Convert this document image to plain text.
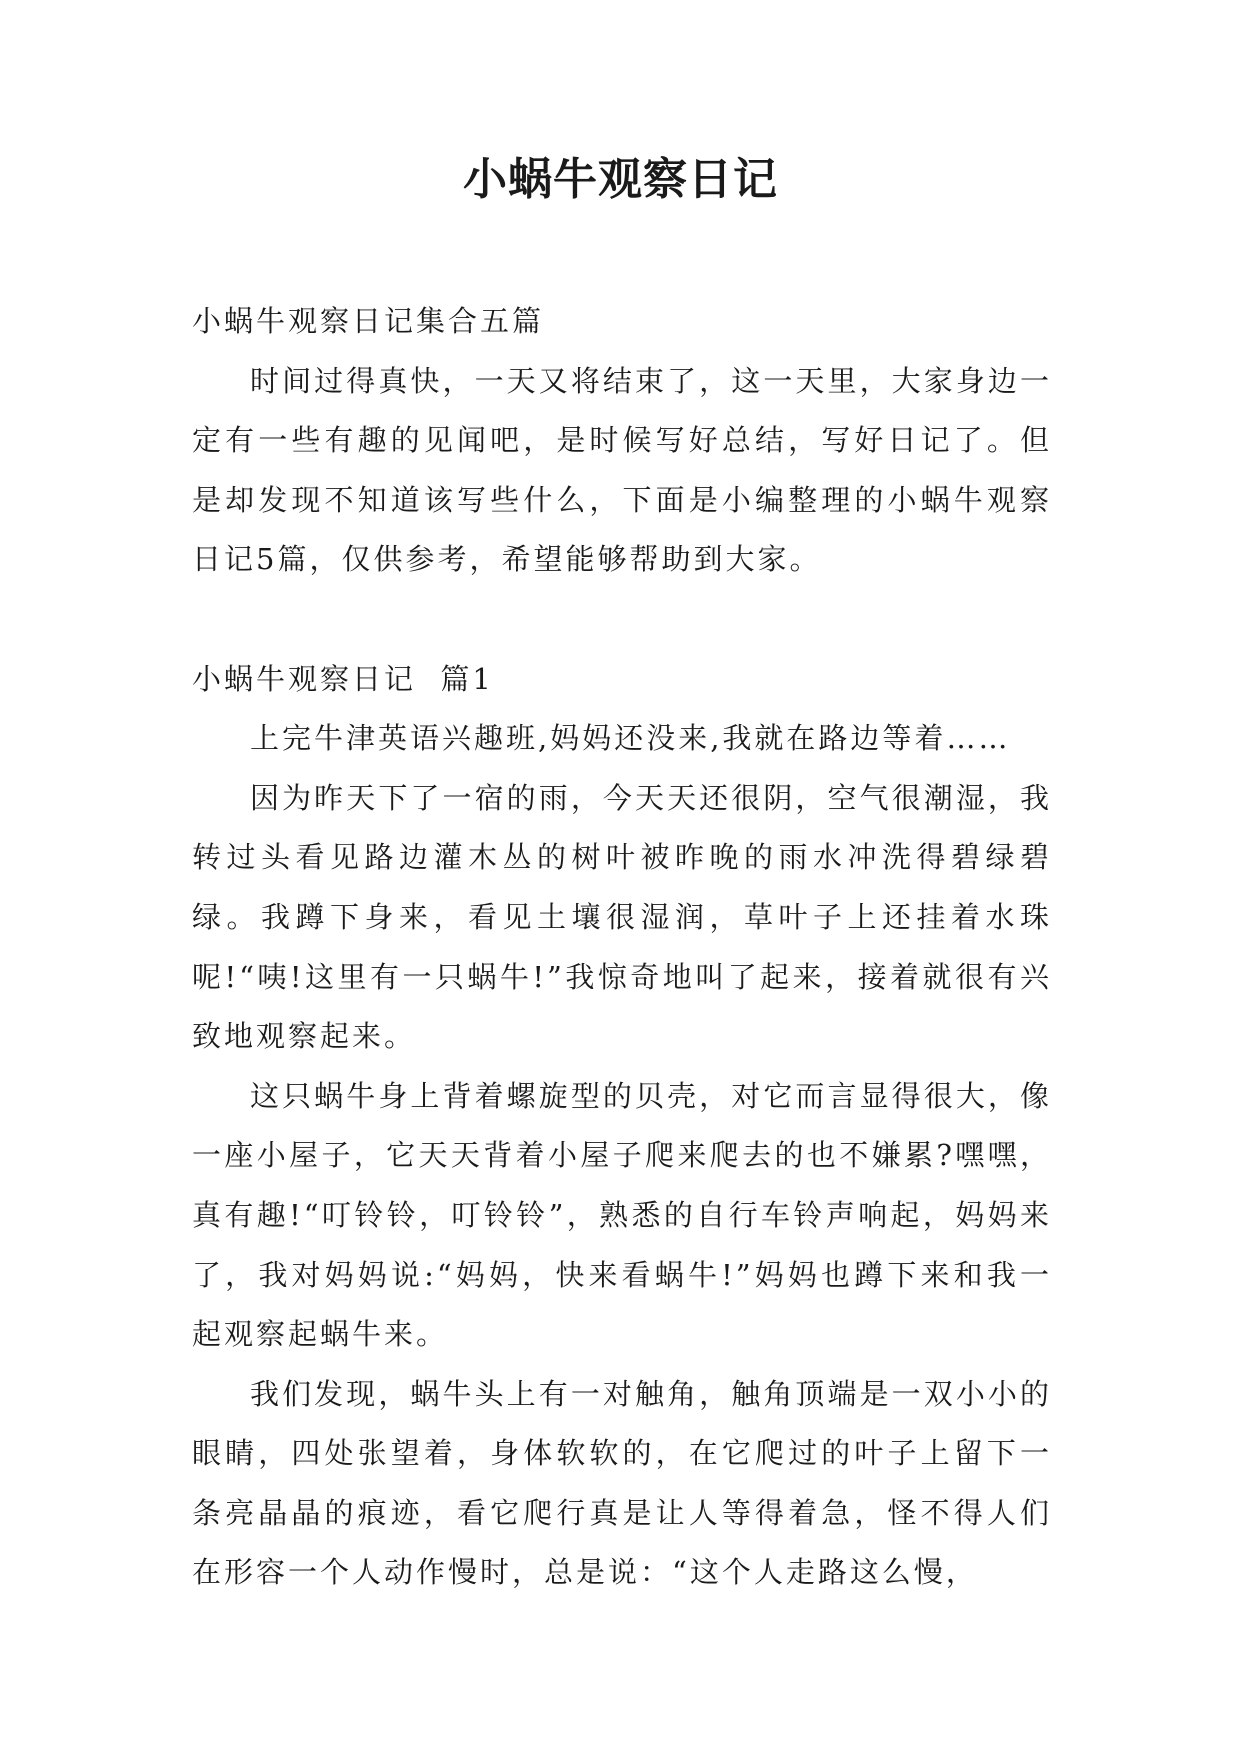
小蜗牛观察日记

小蜗牛观察日记集合五篇

时间过得真快，一天又将结束了，这一天里，大家身边一定有一些有趣的见闻吧，是时候写好总结，写好日记了。但是却发现不知道该写些什么，下面是小编整理的小蜗牛观察日记5篇，仅供参考，希望能够帮助到大家。

小蜗牛观察日记  篇1

上完牛津英语兴趣班,妈妈还没来,我就在路边等着……

因为昨天下了一宿的雨，今天天还很阴，空气很潮湿，我转过头看见路边灌木丛的树叶被昨晚的雨水冲洗得碧绿碧绿。我蹲下身来，看见土壤很湿润，草叶子上还挂着水珠呢!“咦!这里有一只蜗牛!”我惊奇地叫了起来，接着就很有兴致地观察起来。

这只蜗牛身上背着螺旋型的贝壳，对它而言显得很大，像一座小屋子，它天天背着小屋子爬来爬去的也不嫌累?嘿嘿，真有趣!“叮铃铃，叮铃铃”，熟悉的自行车铃声响起，妈妈来了，我对妈妈说:“妈妈，快来看蜗牛!”妈妈也蹲下来和我一起观察起蜗牛来。

我们发现，蜗牛头上有一对触角，触角顶端是一双小小的眼睛，四处张望着，身体软软的，在它爬过的叶子上留下一条亮晶晶的痕迹，看它爬行真是让人等得着急，怪不得人们在形容一个人动作慢时，总是说：“这个人走路这么慢，
